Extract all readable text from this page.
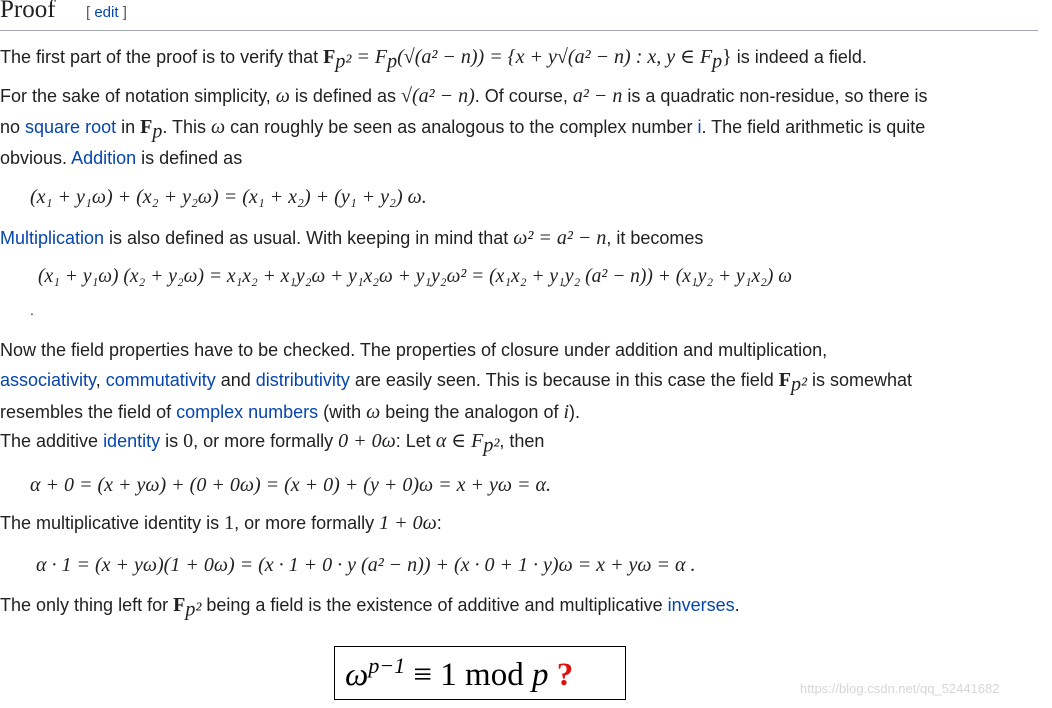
Proof [ edit ]
The first part of the proof is to verify that $F_{p^2} = F_p(√(a^2 - n)) = \{x + y√(a^2 - n)$ : x, y ∈ $F_p$} is indeed a field.
For the sake of notation simplicity, ω is defined as √(a² − n). Of course, a² − n is a quadratic non-residue, so there is
no square root in $F_p$. This ω can roughly be seen as analogous to the complex number i. The field arithmetic is quite
obvious. Addition is defined as
(x₁ + y₁ω) + (x₂ + y₂ω) = (x₁ + x₂) + (y₁ + y₂) ω.
Multiplication is also defined as usual. With keeping in mind that ω² = a² − n, it becomes
(x₁ + y₁ω) (x₂ + y₂ω) = x₁x₂ + x₁y₂ω + y₁x₂ω + y₁y₂ω² = (x₁x₂ + y₁y₂ (a² − n)) + (x₁y₂ + y₁x₂) ω
.
Now the field properties have to be checked. The properties of closure under addition and multiplication,
associativity, commutativity and distributivity are easily seen. This is because in this case the field $F_{p^2}$ is somewhat
resembles the field of complex numbers (with ω being the analogon of i).
The additive identity is 0, or more formally 0 + 0ω: Let α ∈ $F_{p^2}$, then
α + 0 = (x + yω) + (0 + 0ω) = (x + 0) + (y + 0)ω = x + yω = α.
The multiplicative identity is 1, or more formally 1 + 0ω:
α · 1 = (x + yω)(1 + 0ω) = (x · 1 + 0 · y (a² − n)) + (x · 0 + 1 · y)ω = x + yω = α .
The only thing left for $F_{p^2}$ being a field is the existence of additive and multiplicative inverses.
$\omega^{p-1} \equiv 1$ mod p ?	https://blog.csdn.net/qq_52441682
